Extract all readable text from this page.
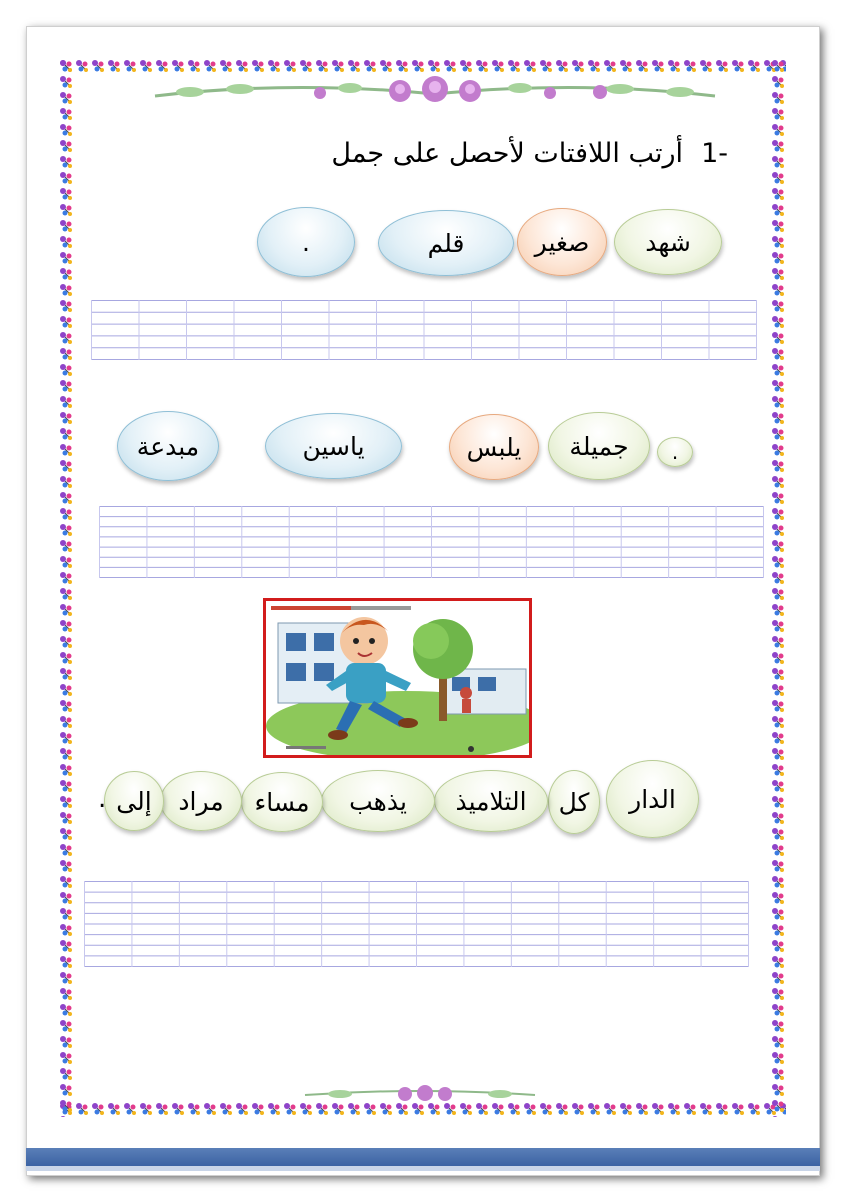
-1
أرتب اللافتات لأحصل على جمل
شهد
صغير
قلم
.
.
جميلة
يلبس
ياسين
مبدعة
الدار
كل
التلاميذ
يذهب
مساء
مراد
إلى
.
